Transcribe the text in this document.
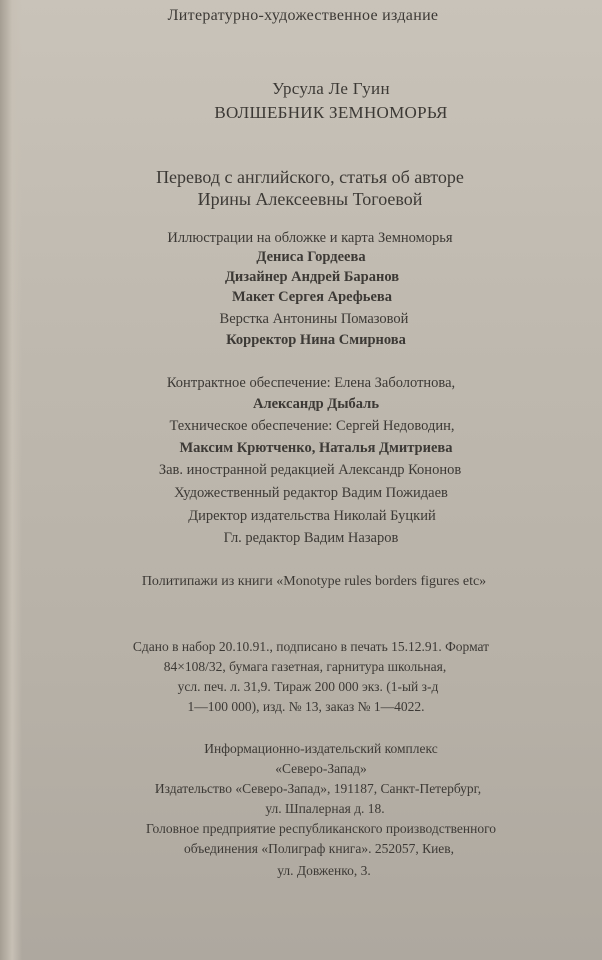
Литературно-художественное издание
Урсула Ле Гуин
ВОЛШЕБНИК ЗЕМНОМОРЬЯ
Перевод с английского, статья об авторе
Ирины Алексеевны Тогоевой
Иллюстрации на обложке и карта Земноморья
Дениса Гордеева
Дизайнер Андрей Баранов
Макет Сергея Арефьева
Верстка Антонины Помазовой
Корректор Нина Смирнова
Контрактное обеспечение: Елена Заболотнова,
Александр Дыбаль
Техническое обеспечение: Сергей Недоводин,
Максим Крютченко, Наталья Дмитриева
Зав. иностранной редакцией Александр Кононов
Художественный редактор Вадим Пожидаев
Директор издательства Николай Буцкий
Гл. редактор Вадим Назаров
Политипажи из книги «Monotype rules borders figures etc»
Сдано в набор 20.10.91., подписано в печать 15.12.91. Формат
84×108/32, бумага газетная, гарнитура школьная,
усл. печ. л. 31,9. Тираж 200 000 экз. (1-ый з-д
1—100 000), изд. № 13, заказ № 1—4022.
Информационно-издательский комплекс
«Северо-Запад»
Издательство «Северо-Запад», 191187, Санкт-Петербург,
ул. Шпалерная д. 18.
Головное предприятие республиканского производственного
объединения «Полиграф книга». 252057, Киев,
ул. Довженко, 3.
